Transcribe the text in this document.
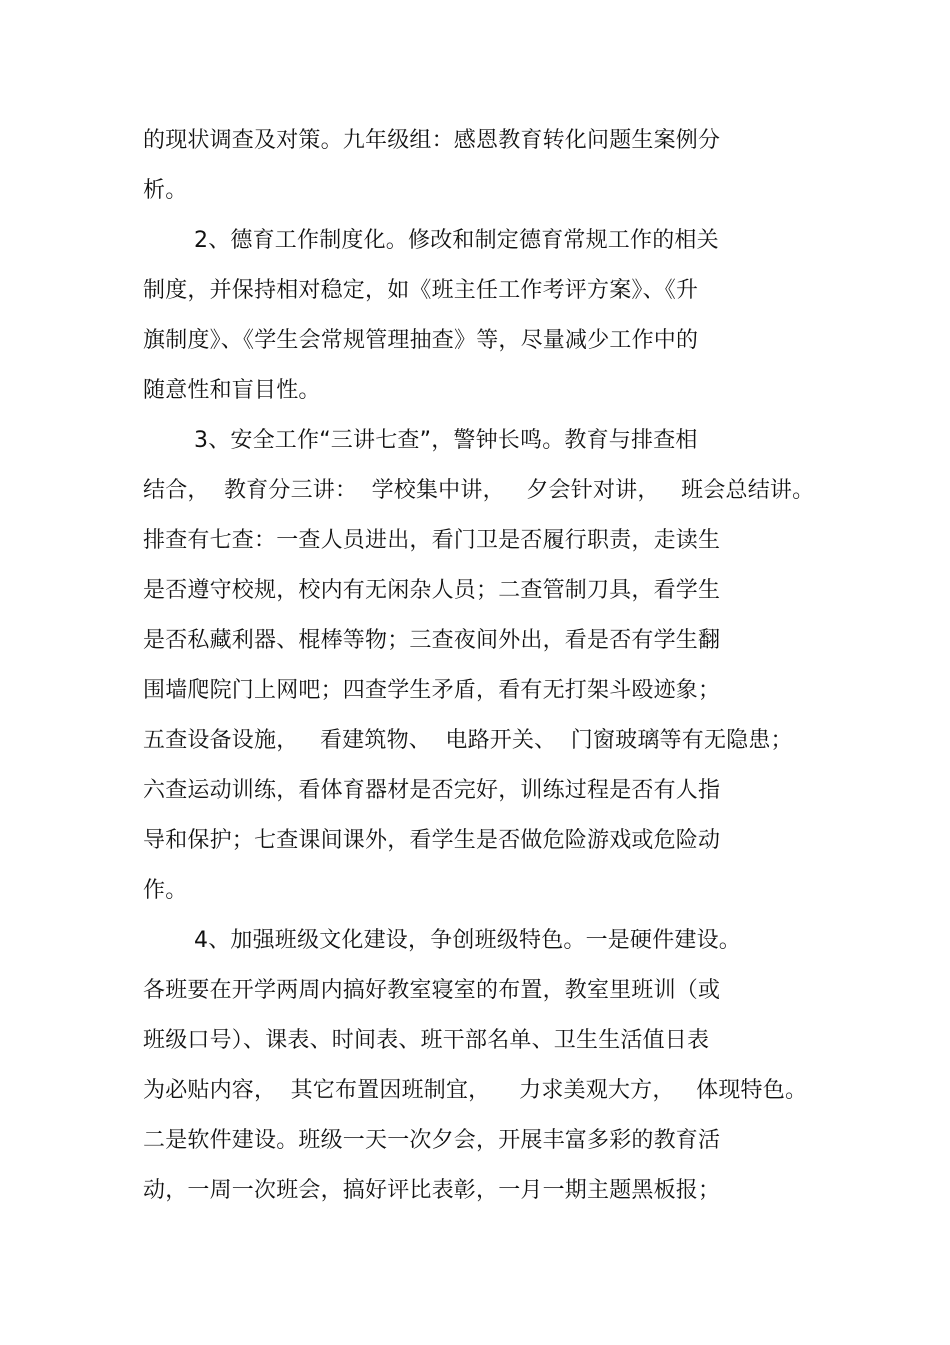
的现状调查及对策。九年级组：感恩教育转化问题生案例分
析。
2、德育工作制度化。修改和制定德育常规工作的相关
制度，并保持相对稳定，如《班主任工作考评方案》、《升
旗制度》、《学生会常规管理抽查》等，尽量减少工作中的
随意性和盲目性。
3、安全工作“三讲七查”，警钟长鸣。教育与排查相
结合，  教育分三讲：  学校集中讲，   夕会针对讲，   班会总结讲。
排查有七查：一查人员进出，看门卫是否履行职责，走读生
是否遵守校规，校内有无闲杂人员；二查管制刀具，看学生
是否私藏利器、棍棒等物；三查夜间外出，看是否有学生翻
围墙爬院门上网吧；四查学生矛盾，看有无打架斗殴迹象；
五查设备设施，   看建筑物、  电路开关、  门窗玻璃等有无隐患；
六查运动训练，看体育器材是否完好，训练过程是否有人指
导和保护；七查课间课外，看学生是否做危险游戏或危险动
作。
4、加强班级文化建设，争创班级特色。一是硬件建设。
各班要在开学两周内搞好教室寝室的布置，教室里班训（或
班级口号）、课表、时间表、班干部名单、卫生生活值日表
为必贴内容，  其它布置因班制宜，    力求美观大方，   体现特色。
二是软件建设。班级一天一次夕会，开展丰富多彩的教育活
动，一周一次班会，搞好评比表彰，一月一期主题黑板报；
